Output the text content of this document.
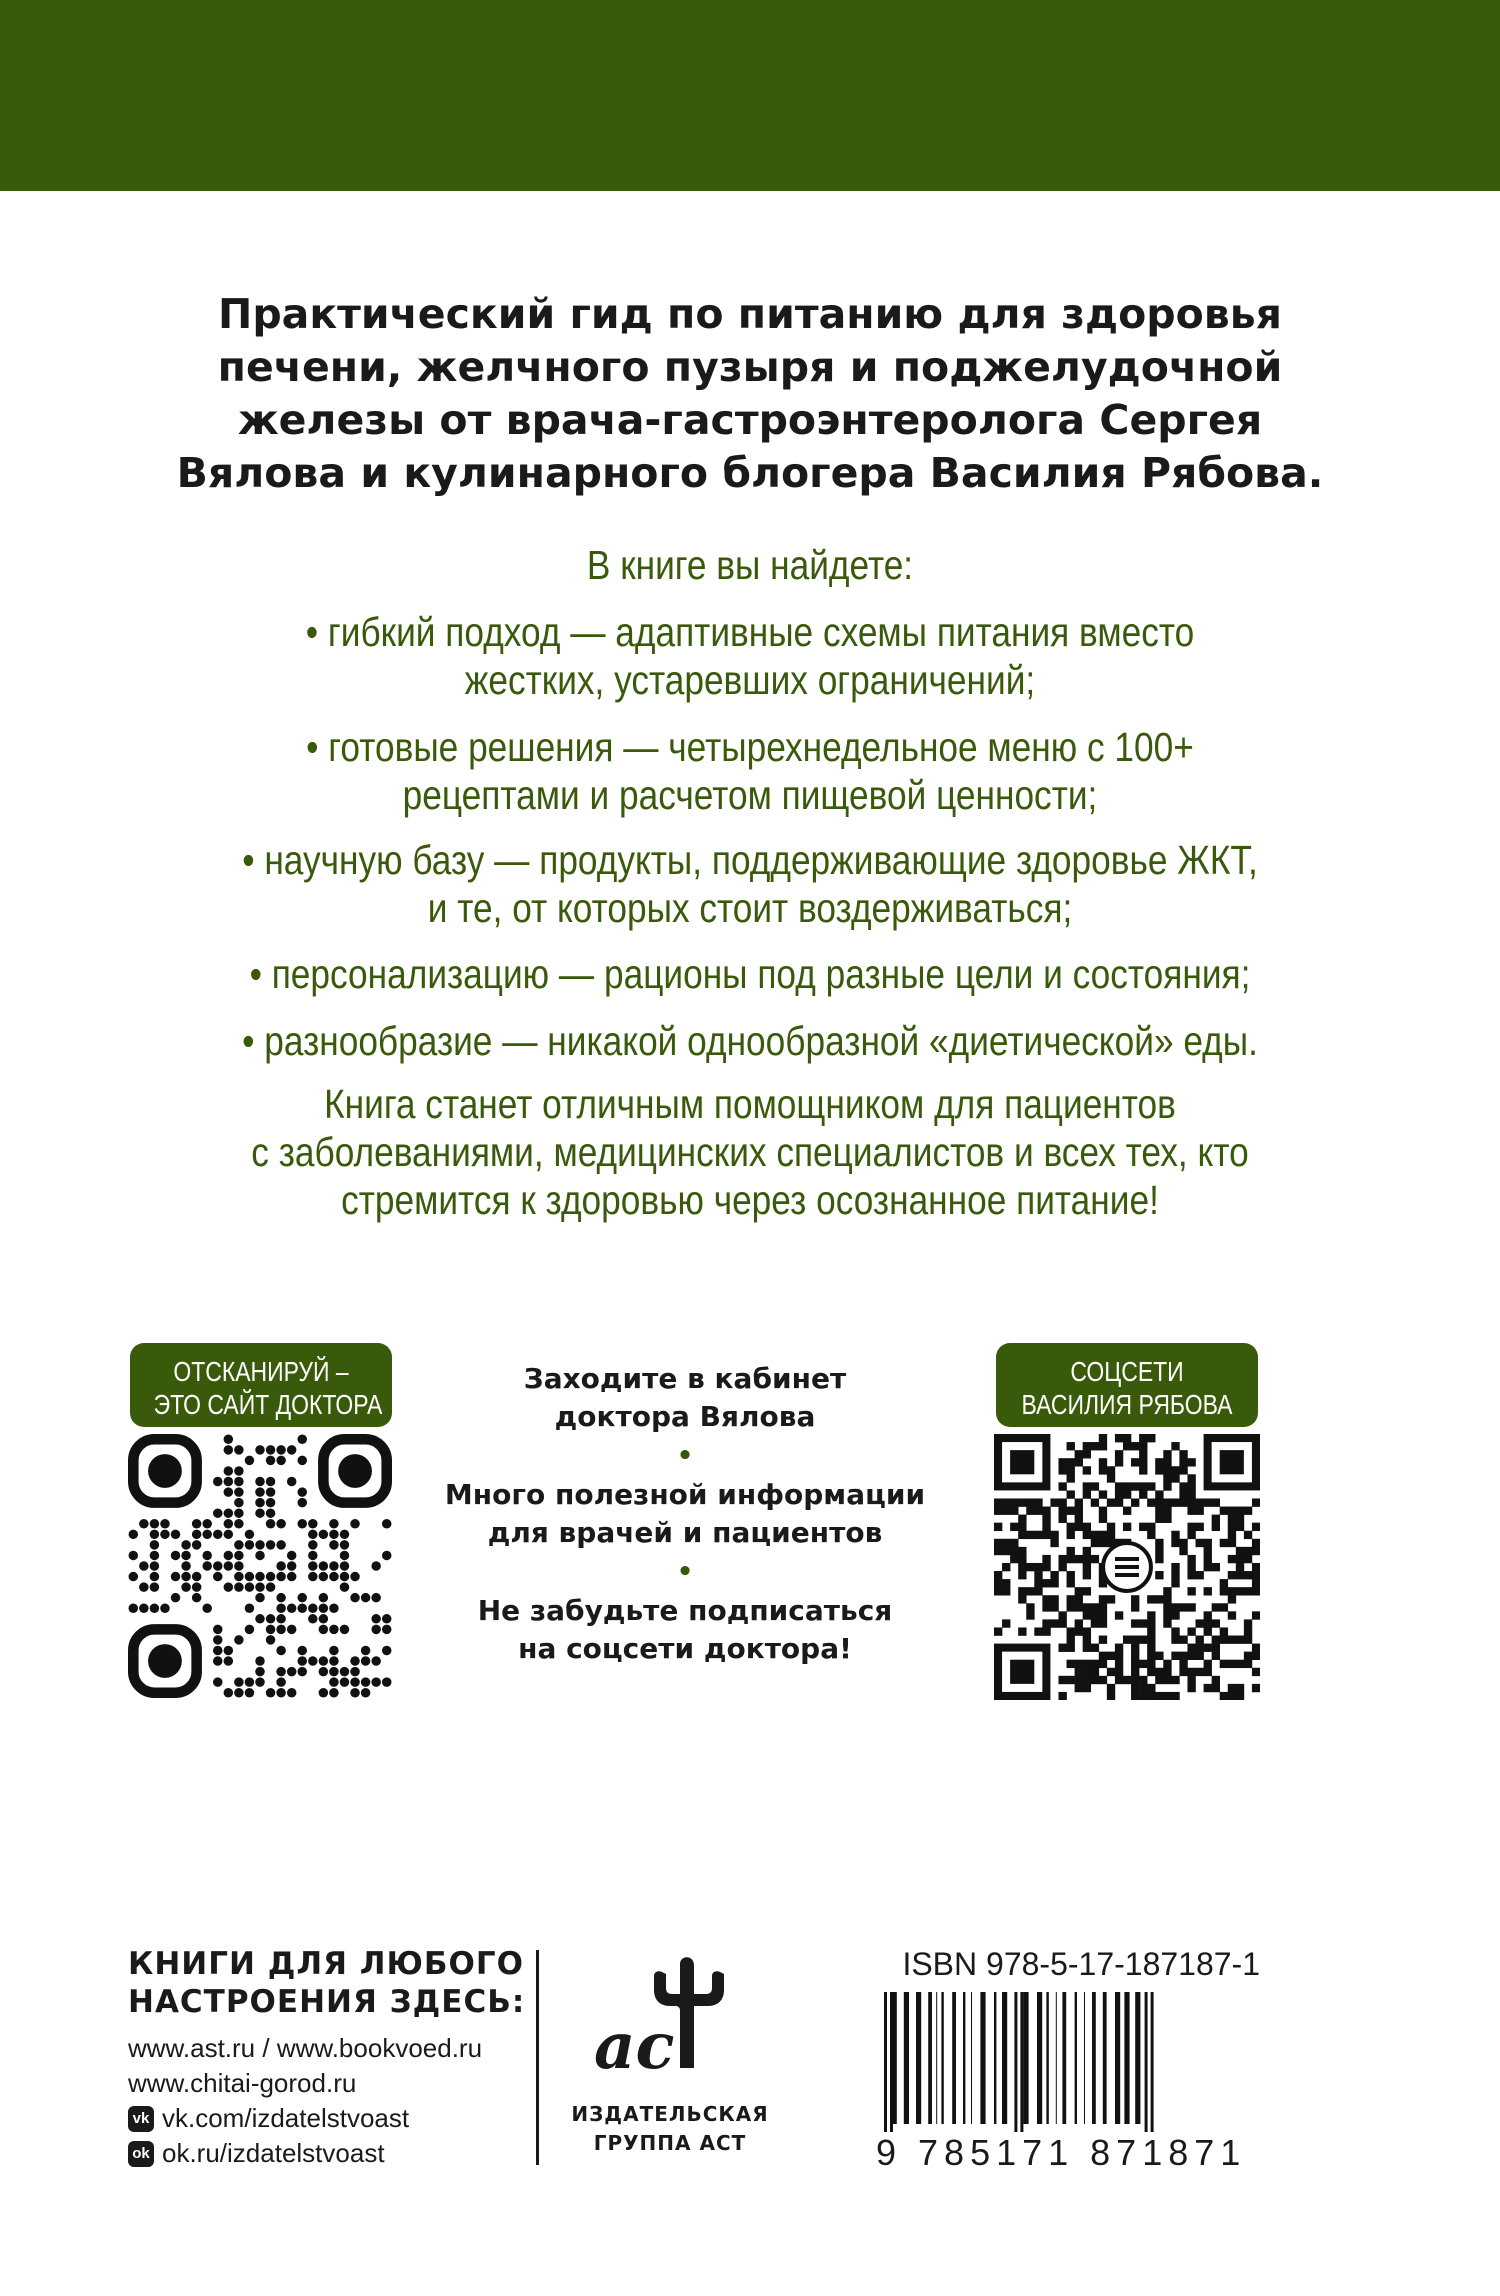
Практический гид по питанию для здоровья
печени, желчного пузыря и поджелудочной
железы от врача-гастроэнтеролога Сергея
Вялова и кулинарного блогера Василия Рябова.
В книге вы найдете:
• гибкий подход — адаптивные схемы питания вместо
жестких, устаревших ограничений;
• готовые решения — четырехнедельное меню с 100+
рецептами и расчетом пищевой ценности;
• научную базу — продукты, поддерживающие здоровье ЖКТ,
и те, от которых стоит воздерживаться;
• персонализацию — рационы под разные цели и состояния;
• разнообразие — никакой однообразной «диетической» еды.
Книга станет отличным помощником для пациентов
с заболеваниями, медицинских специалистов и всех тех, кто
стремится к здоровью через осознанное питание!
ОТСКАНИРУЙ –
ЭТО САЙТ ДОКТОРА
СОЦСЕТИ
ВАСИЛИЯ РЯБОВА
Заходите в кабинет
доктора Вялова
•
Много полезной информации
для врачей и пациентов
•
Не забудьте подписаться
на соцсети доктора!
КНИГИ ДЛЯ ЛЮБОГО
НАСТРОЕНИЯ ЗДЕСЬ:
www.ast.ru / www.bookvoed.ru
www.chitai-gorod.ru
vk vk.com/izdatelstvoast
ok ok.ru/izdatelstvoast
ас
ИЗДАТЕЛЬСКАЯ
ГРУППА АСТ
ISBN 978-5-17-187187-1
9 785171 871871
